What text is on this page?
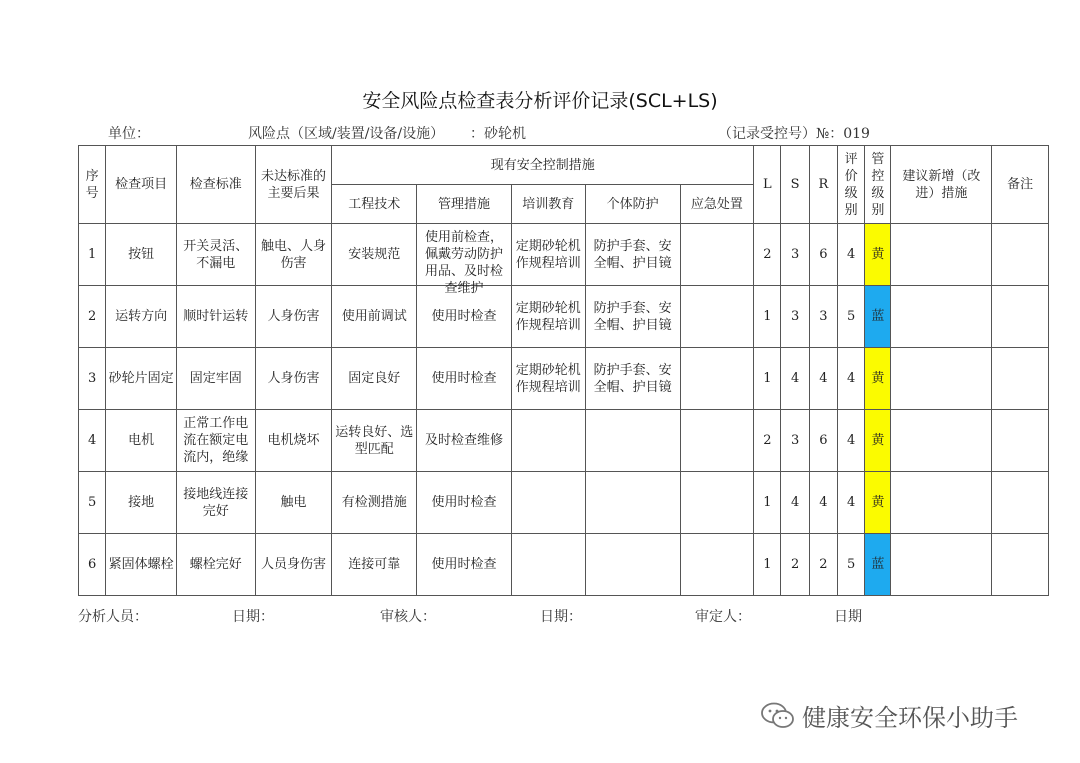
安全风险点检查表分析评价记录(SCL+LS)
单位：	风险点（区域/装置/设备/设施） ：砂轮机	（记录受控号）№：019
序号	检查项目	检查标准	未达标准的主要后果	现有安全控制措施					L	S	R	评价级别	管控级别	建议新增（改进）措施	备注
				工程技术	管理措施	培训教育	个体防护	应急处置							

1	按钮	开关灵活、不漏电	触电、人身伤害	安装规范	使用前检查，佩戴劳动防护用品、及时检查维护	定期砂轮机作规程培训	防护手套、安全帽、护目镜		2	3	6	4	黄		

2	运转方向	顺时针运转	人身伤害	使用前调试	使用时检查	定期砂轮机作规程培训	防护手套、安全帽、护目镜		1	3	3	5	蓝		

3	砂轮片固定	固定牢固	人身伤害	固定良好	使用时检查	定期砂轮机作规程培训	防护手套、安全帽、护目镜		1	4	4	4	黄		

4	电机	正常工作电流在额定电流内，绝缘	电机烧坏	运转良好、选型匹配	及时检查维修				2	3	6	4	黄		

5	接地	接地线连接完好	触电	有检测措施	使用时检查				1	4	4	4	黄		

6	紧固体螺栓	螺栓完好	人员身伤害	连接可靠	使用时检查				1	2	2	5	蓝		

分析人员：	日期：	审核人：	日期：	审定人：	日期
健康安全环保小助手
